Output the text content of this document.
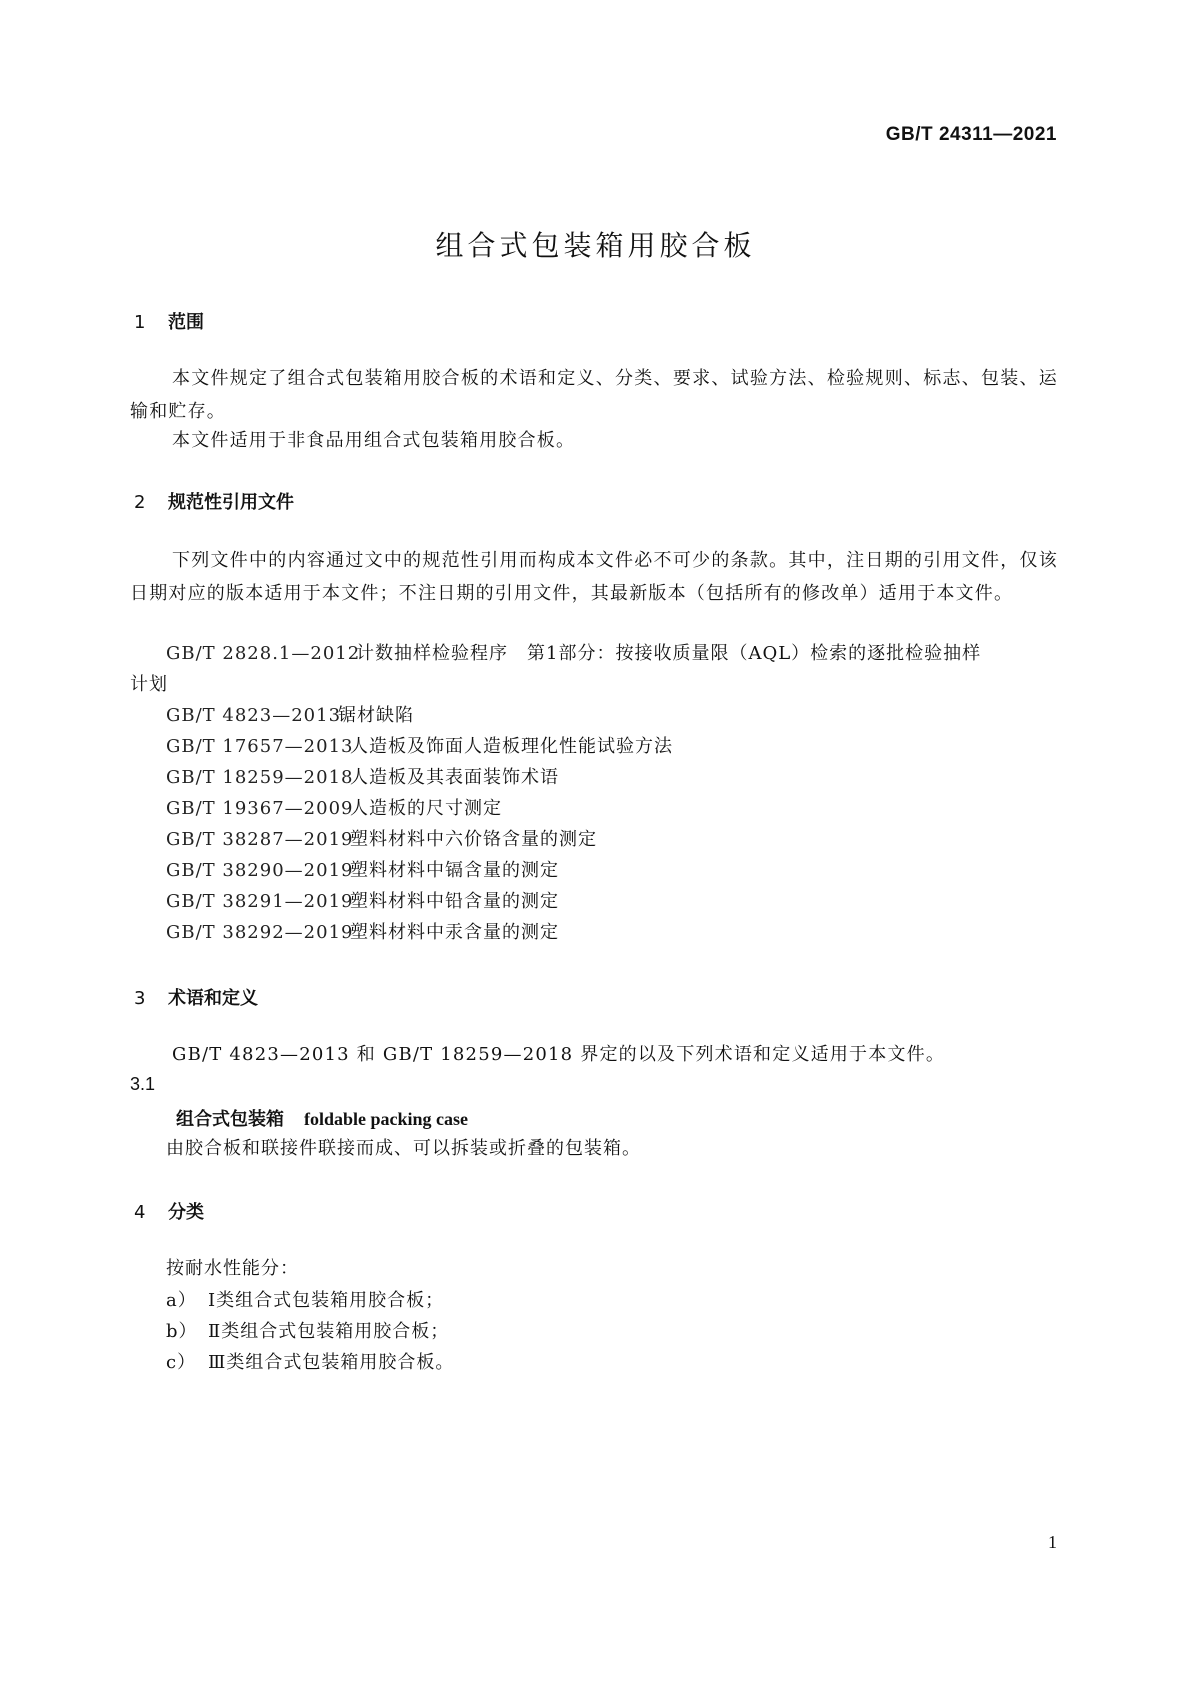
GB/T 24311—2021
组合式包装箱用胶合板
1 范围
本文件规定了组合式包装箱用胶合板的术语和定义、分类、要求、试验方法、检验规则、标志、包装、运输和贮存。
本文件适用于非食品用组合式包装箱用胶合板。
2 规范性引用文件
下列文件中的内容通过文中的规范性引用而构成本文件必不可少的条款。其中，注日期的引用文件，仅该日期对应的版本适用于本文件；不注日期的引用文件，其最新版本（包括所有的修改单）适用于本文件。
GB/T 2828.1—2012计数抽样检验程序　第1部分：按接收质量限（AQL）检索的逐批检验抽样
计划
GB/T 4823—2013锯材缺陷
GB/T 17657—2013人造板及饰面人造板理化性能试验方法
GB/T 18259—2018人造板及其表面装饰术语
GB/T 19367—2009人造板的尺寸测定
GB/T 38287—2019塑料材料中六价铬含量的测定
GB/T 38290—2019塑料材料中镉含量的测定
GB/T 38291—2019塑料材料中铅含量的测定
GB/T 38292—2019塑料材料中汞含量的测定
3 术语和定义
GB/T 4823—2013 和 GB/T 18259—2018 界定的以及下列术语和定义适用于本文件。
3.1
组合式包装箱 foldable packing case
由胶合板和联接件联接而成、可以拆装或折叠的包装箱。
4 分类
按耐水性能分：
a） Ⅰ类组合式包装箱用胶合板；
b） Ⅱ类组合式包装箱用胶合板；
c） Ⅲ类组合式包装箱用胶合板。
1
